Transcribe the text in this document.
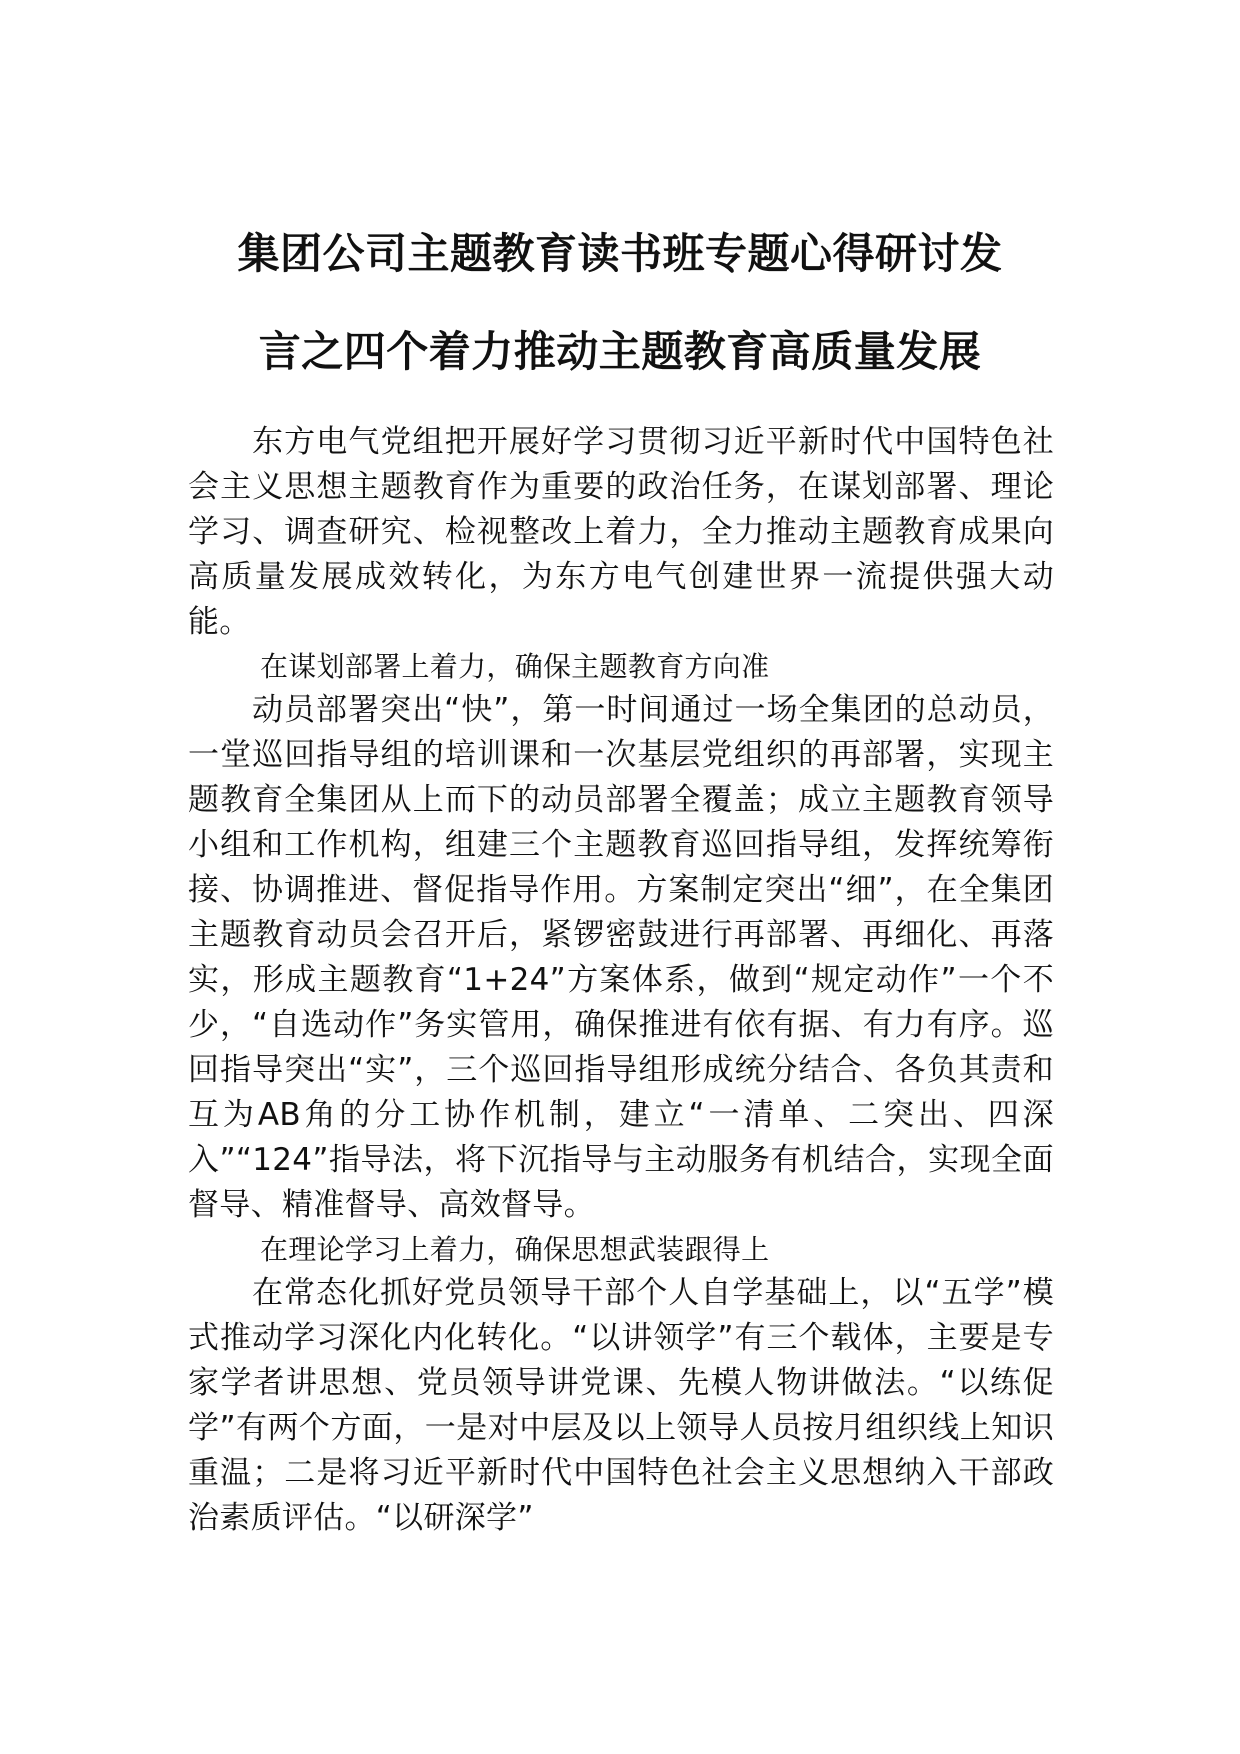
集团公司主题教育读书班专题心得研讨发
言之四个着力推动主题教育高质量发展

东方电气党组把开展好学习贯彻习近平新时代中国特色社会主义思想主题教育作为重要的政治任务，在谋划部署、理论学习、调查研究、检视整改上着力，全力推动主题教育成果向高质量发展成效转化，为东方电气创建世界一流提供强大动能。

在谋划部署上着力，确保主题教育方向准

动员部署突出“快”，第一时间通过一场全集团的总动员，一堂巡回指导组的培训课和一次基层党组织的再部署，实现主题教育全集团从上而下的动员部署全覆盖；成立主题教育领导小组和工作机构，组建三个主题教育巡回指导组，发挥统筹衔接、协调推进、督促指导作用。方案制定突出“细”，在全集团主题教育动员会召开后，紧锣密鼓进行再部署、再细化、再落实，形成主题教育“1+24”方案体系，做到“规定动作”一个不少，“自选动作”务实管用，确保推进有依有据、有力有序。巡回指导突出“实”，三个巡回指导组形成统分结合、各负其责和互为AB角的分工协作机制，建立“一清单、二突出、四深入”“124”指导法，将下沉指导与主动服务有机结合，实现全面督导、精准督导、高效督导。

在理论学习上着力，确保思想武装跟得上

在常态化抓好党员领导干部个人自学基础上，以“五学”模式推动学习深化内化转化。“以讲领学”有三个载体，主要是专家学者讲思想、党员领导讲党课、先模人物讲做法。“以练促学”有两个方面，一是对中层及以上领导人员按月组织线上知识重温；二是将习近平新时代中国特色社会主义思想纳入干部政治素质评估。“以研深学”
